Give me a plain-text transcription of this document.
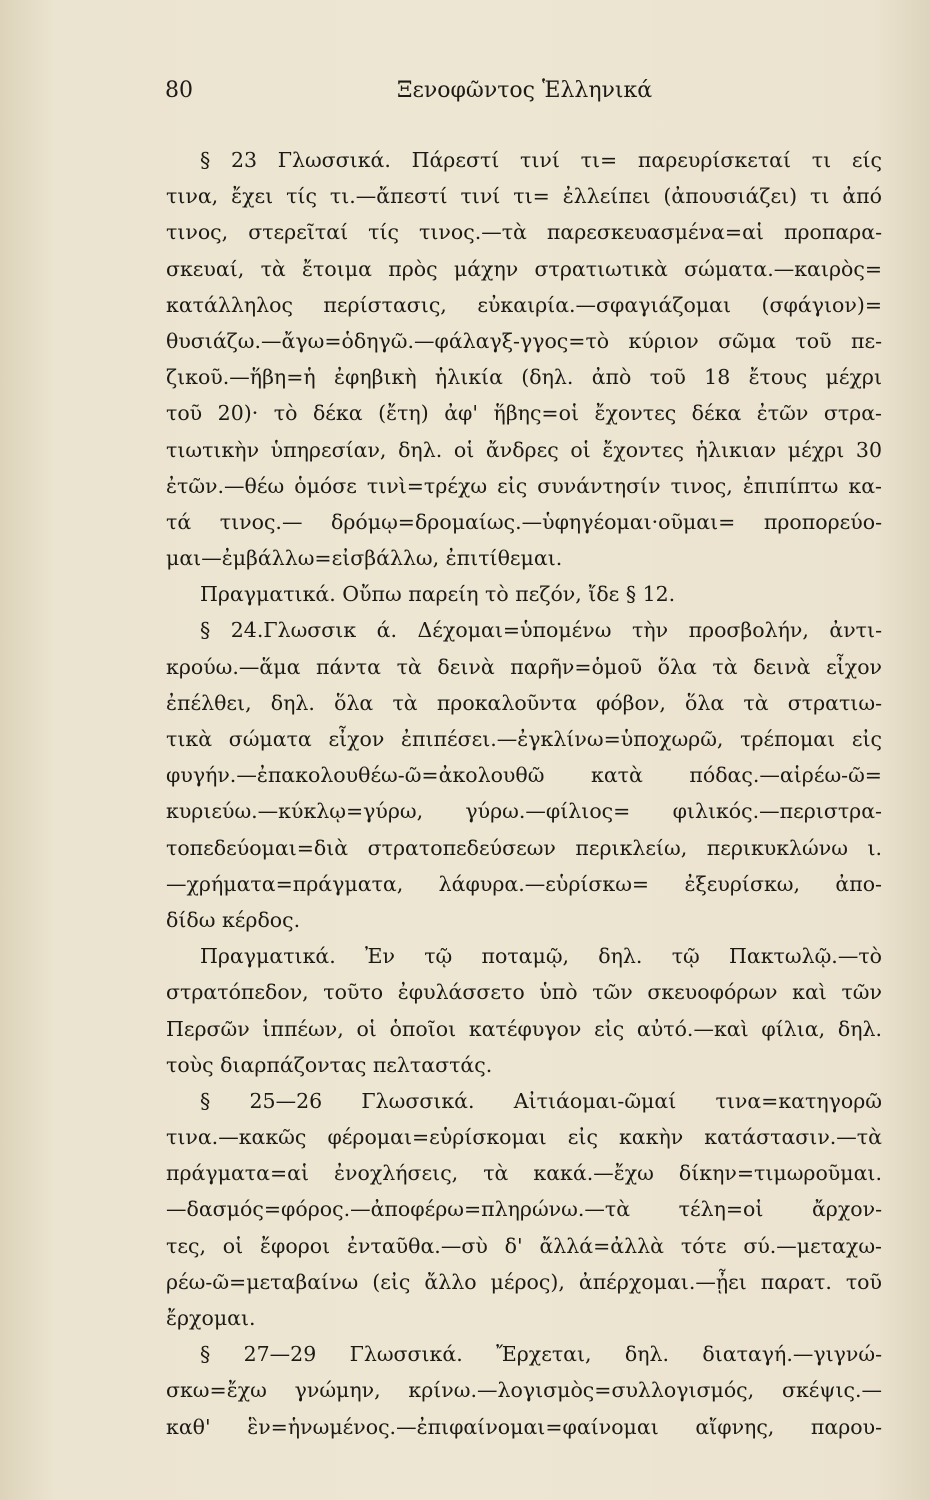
80	Ξενοφῶντος Ἑλληνικά
§ 23 Γλωσσικά. Πάρεστί τινί τι= παρευρίσκεταί τι είς
τινα, ἔχει τίς τι.—ἄπεστί τινί τι= ἐλλείπει (ἀπουσιάζει) τι ἀπό
τινος, στερεῖταί τίς τινος.—τὰ παρεσκευασμένα=αἱ προπαρα-
σκευαί, τὰ ἔτοιμα πρὸς μάχην στρατιωτικὰ σώματα.—καιρὸς=
κατάλληλος περίστασις, εὐκαιρία.—σφαγιάζομαι (σφάγιον)=
θυσιάζω.—ἄγω=ὁδηγῶ.—φάλαγξ-γγος=τὸ κύριον σῶμα τοῦ πε-
ζικοῦ.—ἥβη=ἡ ἐφηβικὴ ἡλικία (δηλ. ἀπὸ τοῦ 18 ἔτους μέχρι
τοῦ 20)· τὸ δέκα (ἔτη) ἀφ' ἥβης=οἱ ἔχοντες δέκα ἐτῶν στρα-
τιωτικὴν ὑπηρεσίαν, δηλ. οἱ ἄνδρες οἱ ἔχοντες ἡλικιαν μέχρι 30
ἐτῶν.—θέω ὁμόσε τινὶ=τρέχω εἰς συνάντησίν τινος, ἐπιπίπτω κα-
τά τινος.— δρόμῳ=δρομαίως.—ὑφηγέομαι·οῦμαι= προπορεύο-
μαι—ἐμβάλλω=εἰσβάλλω, ἐπιτίθεμαι.
Πραγματικά. Οὔπω παρείη τὸ πεζόν, ἴδε § 12.
§ 24.Γλωσσικ ά. Δέχομαι=ὑπομένω τὴν προσβολήν, ἀντι-
κρούω.—ἅμα πάντα τὰ δεινὰ παρῆν=ὁμοῦ ὅλα τὰ δεινὰ εἶχον
ἐπέλθει, δηλ. ὅλα τὰ προκαλοῦντα φόβον, ὅλα τὰ στρατιω-
τικὰ σώματα εἶχον ἐπιπέσει.—ἐγκλίνω=ὑποχωρῶ, τρέπομαι εἰς
φυγήν.—ἐπακολουθέω-ῶ=ἀκολουθῶ κατὰ πόδας.—αἱρέω-ῶ=
κυριεύω.—κύκλῳ=γύρω, γύρω.—φίλιος= φιλικός.—περιστρα-
τοπεδεύομαι=διὰ στρατοπεδεύσεων περικλείω, περικυκλώνω ι.
—χρήματα=πράγματα, λάφυρα.—εὑρίσκω= ἐξευρίσκω, ἀπο-
δίδω κέρδος.
Πραγματικά. Ἐν τῷ ποταμῷ, δηλ. τῷ Πακτωλῷ.—τὸ
στρατόπεδον, τοῦτο ἐφυλάσσετο ὑπὸ τῶν σκευοφόρων καὶ τῶν
Περσῶν ἱππέων, οἱ ὁποῖοι κατέφυγον εἰς αὐτό.—καὶ φίλια, δηλ.
τοὺς διαρπάζοντας πελταστάς.
§ 25—26 Γλωσσικά. Αἰτιάομαι-ῶμαί τινα=κατηγορῶ
τινα.—κακῶς φέρομαι=εὑρίσκομαι εἰς κακὴν κατάστασιν.—τὰ
πράγματα=αἱ ἐνοχλήσεις, τὰ κακά.—ἔχω δίκην=τιμωροῦμαι.
—δασμός=φόρος.—ἀποφέρω=πληρώνω.—τὰ τέλη=οἱ ἄρχον-
τες, οἱ ἔφοροι ἐνταῦθα.—σὺ δ' ἄλλά=ἀλλὰ τότε σύ.—μεταχω-
ρέω-ῶ=μεταβαίνω (εἰς ἄλλο μέρος), ἀπέρχομαι.—ᾖει παρατ. τοῦ
ἔρχομαι.
§ 27—29 Γλωσσικά. Ἔρχεται, δηλ. διαταγή.—γιγνώ-
σκω=ἔχω γνώμην, κρίνω.—λογισμὸς=συλλογισμός, σκέψις.—
καθ' ἓν=ἡνωμένος.—ἐπιφαίνομαι=φαίνομαι αἴφνης, παρου-
